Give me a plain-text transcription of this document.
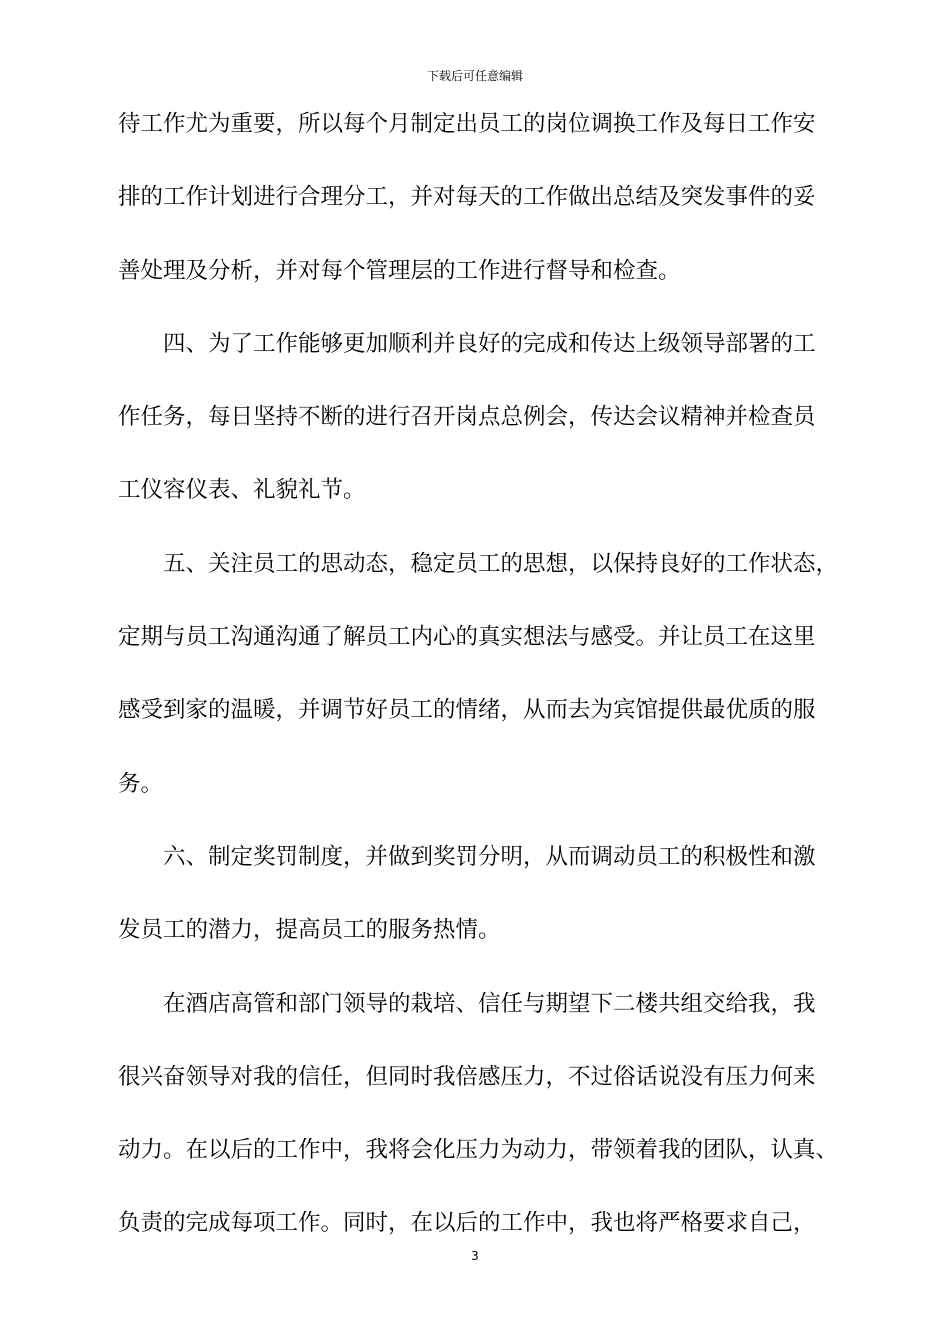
下载后可任意编辑
待工作尤为重要，所以每个月制定出员工的岗位调换工作及每日工作安
排的工作计划进行合理分工，并对每天的工作做出总结及突发事件的妥
善处理及分析，并对每个管理层的工作进行督导和检查。
四、为了工作能够更加顺利并良好的完成和传达上级领导部署的工
作任务，每日坚持不断的进行召开岗点总例会，传达会议精神并检查员
工仪容仪表、礼貌礼节。
五、关注员工的思动态，稳定员工的思想，以保持良好的工作状态，
定期与员工沟通沟通了解员工内心的真实想法与感受。并让员工在这里
感受到家的温暖，并调节好员工的情绪，从而去为宾馆提供最优质的服
务。
六、制定奖罚制度，并做到奖罚分明，从而调动员工的积极性和激
发员工的潜力，提高员工的服务热情。
在酒店高管和部门领导的栽培、信任与期望下二楼共组交给我，我
很兴奋领导对我的信任，但同时我倍感压力，不过俗话说没有压力何来
动力。在以后的工作中，我将会化压力为动力，带领着我的团队，认真、
负责的完成每项工作。同时，在以后的工作中，我也将严格要求自己，
3
